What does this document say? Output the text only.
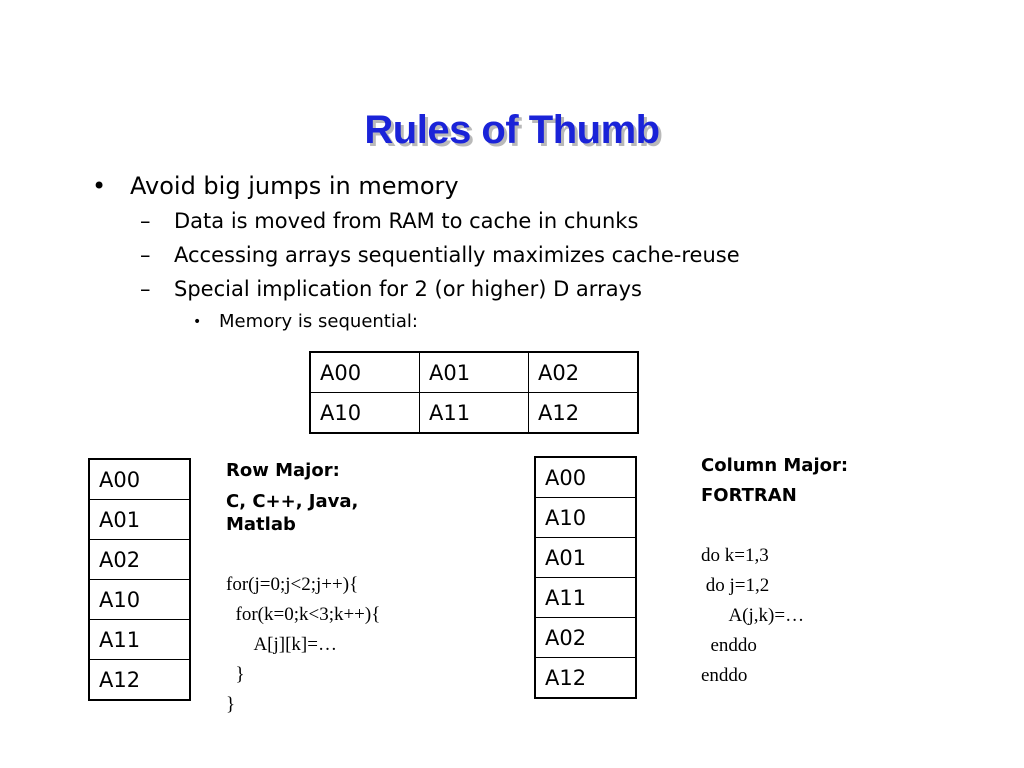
Rules of Thumb
• Avoid big jumps in memory
– Data is moved from RAM to cache in chunks
– Accessing arrays sequentially maximizes cache-reuse
– Special implication for 2 (or higher) D arrays
• Memory is sequential:
A00	A01	A02
A10	A11	A12
A00
A01
A02
A10
A11
A12
Row Major:
C, C++, Java,
Matlab
for(j=0;j<2;j++){
for(k=0;k<3;k++){
A[j][k]=…
}
}
A00
A10
A01
A11
A02
A12
Column Major:
FORTRAN
do k=1,3
do j=1,2
A(j,k)=…
enddo
enddo
